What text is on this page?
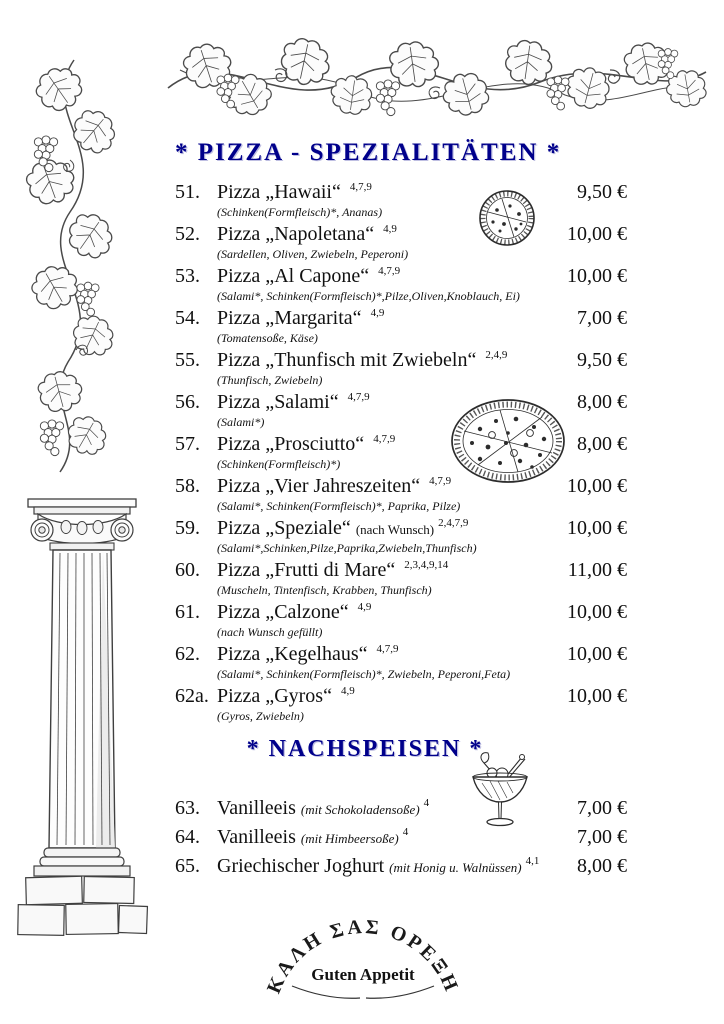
ΚΑΛΗ ΣΑΣ ΟΡΕΞΗ
Guten Appetit
* PIZZA - SPEZIALITÄTEN *
51. Pizza „Hawaii“ $^{4,7,9}$
(Schinken(Formfleisch)*, Ananas)
9,50 €
52. Pizza „Napoletana“ $^{4,9}$
(Sardellen, Oliven, Zwiebeln, Peperoni)
10,00 €
53. Pizza „Al Capone“ $^{4,7,9}$
(Salami*, Schinken(Formfleisch)*,Pilze,Oliven,Knoblauch, Ei)
10,00 €
54. Pizza „Margarita“ $^{4,9}$
(Tomatensoße, Käse)
7,00 €
55. Pizza „Thunfisch mit Zwiebeln“ $^{2,4,9}$
(Thunfisch, Zwiebeln)
9,50 €
56. Pizza „Salami“ $^{4,7,9}$
(Salami*)
8,00 €
57. Pizza „Prosciutto“ $^{4,7,9}$
(Schinken(Formfleisch)*)
8,00 €
58. Pizza „Vier Jahreszeiten“ $^{4,7,9}$
(Salami*, Schinken(Formfleisch)*, Paprika, Pilze)
10,00 €
59. Pizza „Speziale“ (nach Wunsch) $^{2,4,7,9}$
(Salami*,Schinken,Pilze,Paprika,Zwiebeln,Thunfisch)
10,00 €
60. Pizza „Frutti di Mare“ $^{2,3,4,9,14}$
(Muscheln, Tintenfisch, Krabben, Thunfisch)
11,00 €
61. Pizza „Calzone“ $^{4,9}$
(nach Wunsch gefüllt)
10,00 €
62. Pizza „Kegelhaus“ $^{4,7,9}$
(Salami*, Schinken(Formfleisch)*, Zwiebeln, Peperoni,Feta)
10,00 €
62a. Pizza „Gyros“ $^{4,9}$
(Gyros, Zwiebeln)
10,00 €
* NACHSPEISEN *
63. Vanilleeis (mit Schokoladensoße) $^4$	7,00 €
64. Vanilleeis (mit Himbeersoße) $^4$	7,00 €
65. Griechischer Joghurt (mit Honig u. Walnüssen) $^{4,1}$	8,00 €
